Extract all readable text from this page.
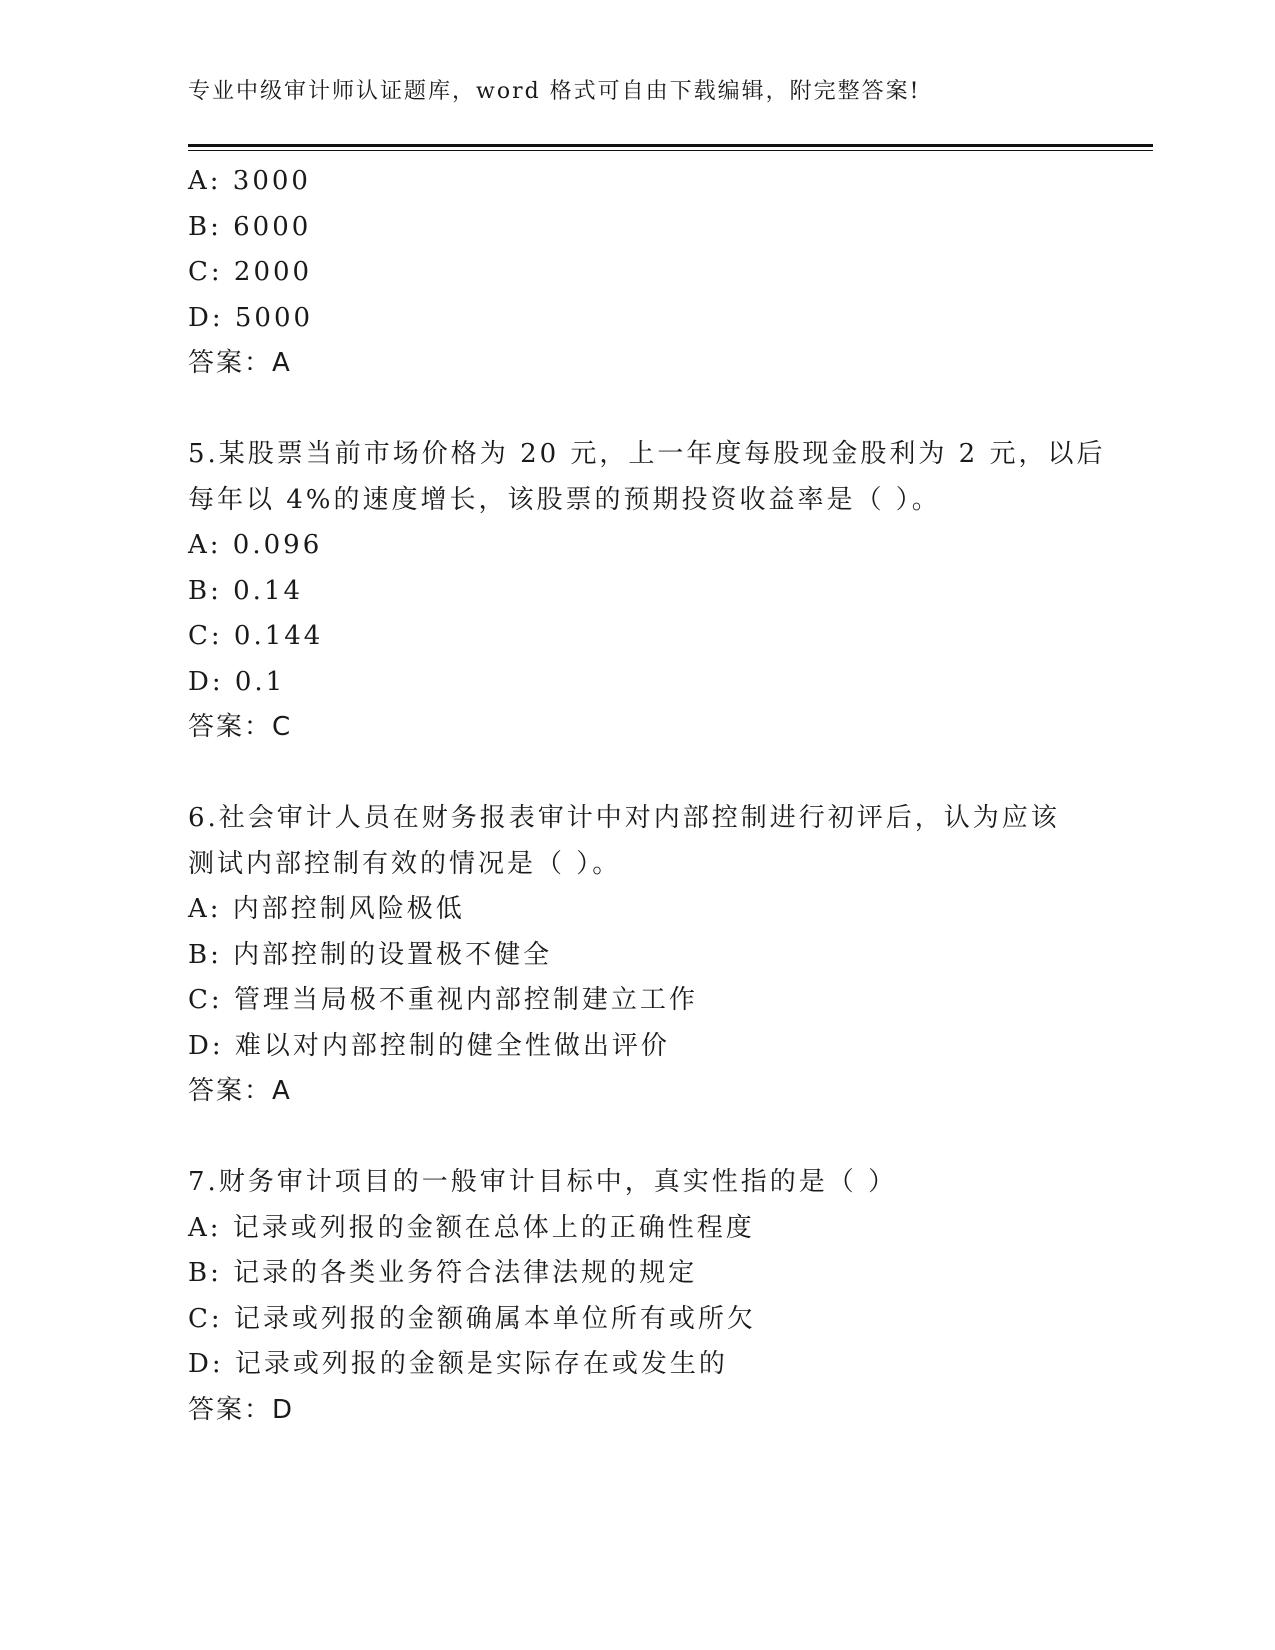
专业中级审计师认证题库，word 格式可自由下载编辑，附完整答案!
A: 3000
B: 6000
C: 2000
D: 5000
答案：A
5.某股票当前市场价格为 20 元，上一年度每股现金股利为 2 元，以后
每年以 4%的速度增长，该股票的预期投资收益率是（ ）。
A: 0.096
B: 0.14
C: 0.144
D: 0.1
答案：C
6.社会审计人员在财务报表审计中对内部控制进行初评后，认为应该
测试内部控制有效的情况是（ ）。
A: 内部控制风险极低
B: 内部控制的设置极不健全
C: 管理当局极不重视内部控制建立工作
D: 难以对内部控制的健全性做出评价
答案：A
7.财务审计项目的一般审计目标中，真实性指的是（ ）
A: 记录或列报的金额在总体上的正确性程度
B: 记录的各类业务符合法律法规的规定
C: 记录或列报的金额确属本单位所有或所欠
D: 记录或列报的金额是实际存在或发生的
答案：D
